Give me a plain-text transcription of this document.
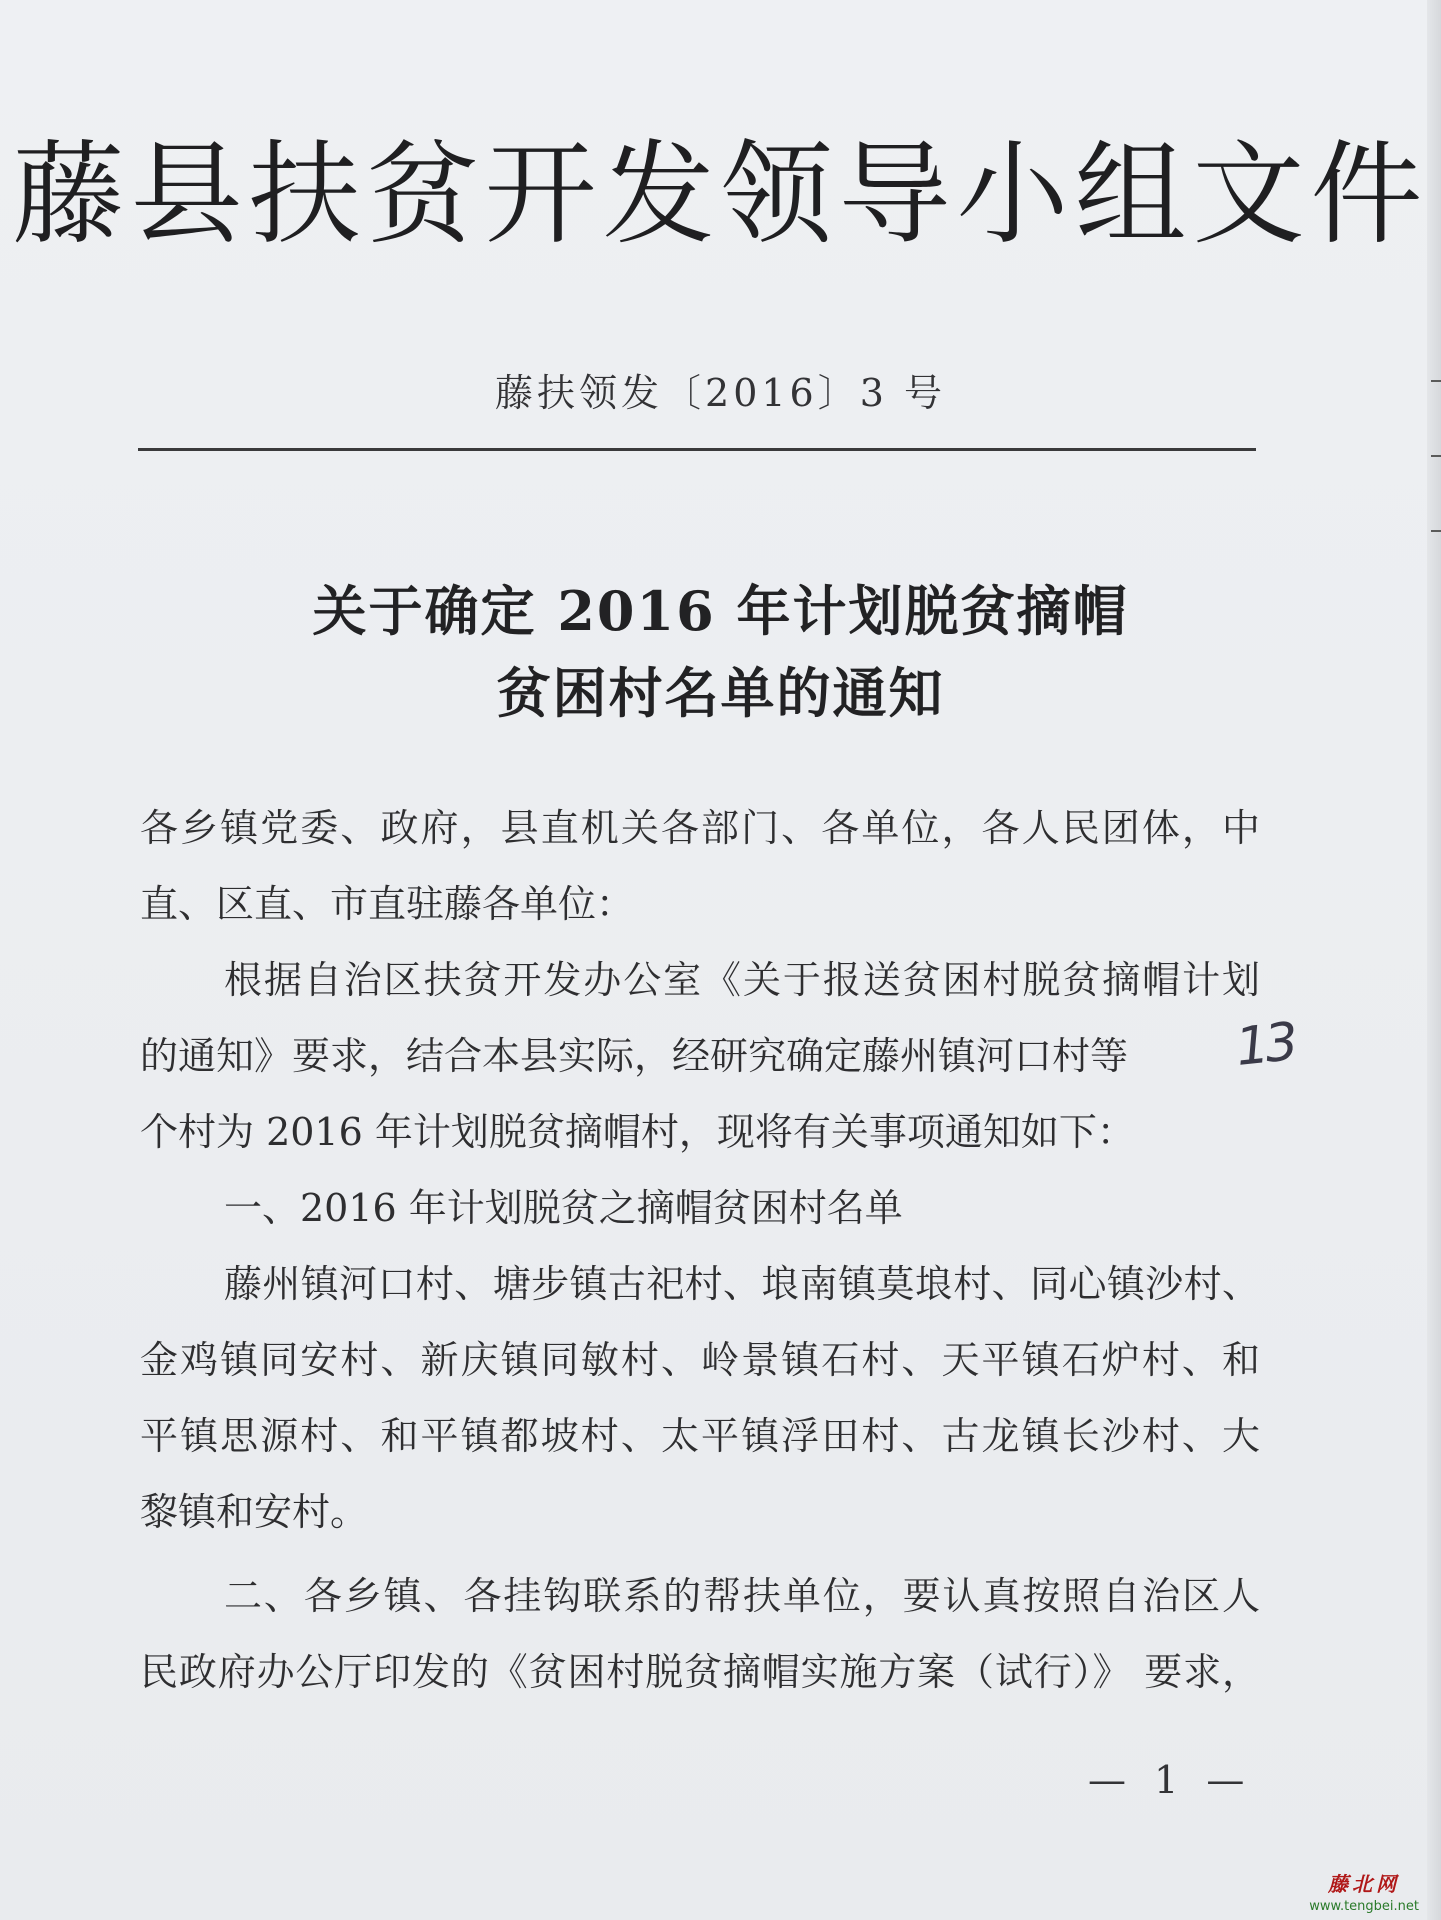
藤县扶贫开发领导小组文件
藤扶领发〔2016〕3 号
关于确定 2016 年计划脱贫摘帽
贫困村名单的通知
各乡镇党委、政府，县直机关各部门、各单位，各人民团体，中
直、区直、市直驻藤各单位：
根据自治区扶贫开发办公室《关于报送贫困村脱贫摘帽计划
的通知》要求，结合本县实际，经研究确定藤州镇河口村等
个村为 2016 年计划脱贫摘帽村，现将有关事项通知如下：
一、2016 年计划脱贫之摘帽贫困村名单
藤州镇河口村、塘步镇古祀村、埌南镇莫埌村、同心镇沙村、
金鸡镇同安村、新庆镇同敏村、岭景镇石村、天平镇石炉村、和
平镇思源村、和平镇都坡村、太平镇浮田村、古龙镇长沙村、大
黎镇和安村。
二、各乡镇、各挂钩联系的帮扶单位，要认真按照自治区人
民政府办公厅印发的《贫困村脱贫摘帽实施方案（试行）》 要求，
13
— 1 —
藤北网
www.tengbei.net
